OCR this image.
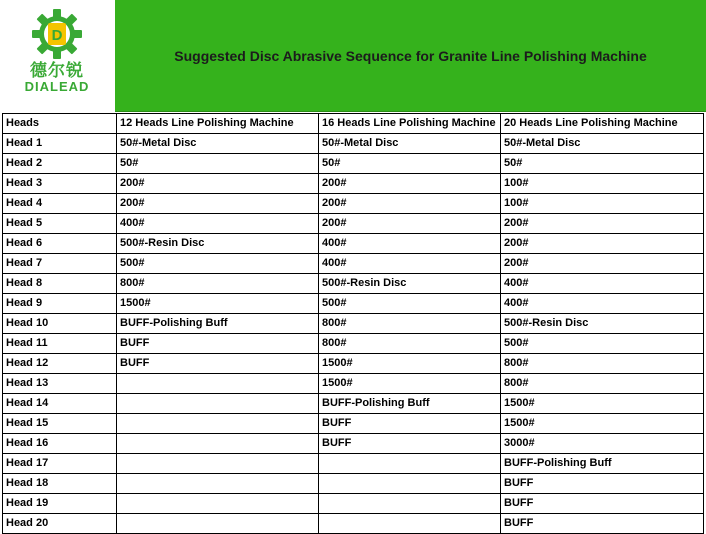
D
德尔锐
DIALEAD
Suggested Disc Abrasive Sequence for Granite Line Polishing Machine
Heads	12 Heads Line Polishing Machine	16 Heads Line Polishing Machine	20 Heads Line Polishing Machine
Head 1	50#-Metal Disc	50#-Metal Disc	50#-Metal Disc
Head 2	50#	50#	50#
Head 3	200#	200#	100#
Head 4	200#	200#	100#
Head 5	400#	200#	200#
Head 6	500#-Resin Disc	400#	200#
Head 7	500#	400#	200#
Head 8	800#	500#-Resin Disc	400#
Head 9	1500#	500#	400#
Head 10	BUFF-Polishing Buff	800#	500#-Resin Disc
Head 11	BUFF	800#	500#
Head 12	BUFF	1500#	800#
Head 13		1500#	800#
Head 14		BUFF-Polishing Buff	1500#
Head 15		BUFF	1500#
Head 16		BUFF	3000#
Head 17			BUFF-Polishing Buff
Head 18			BUFF
Head 19			BUFF
Head 20			BUFF
